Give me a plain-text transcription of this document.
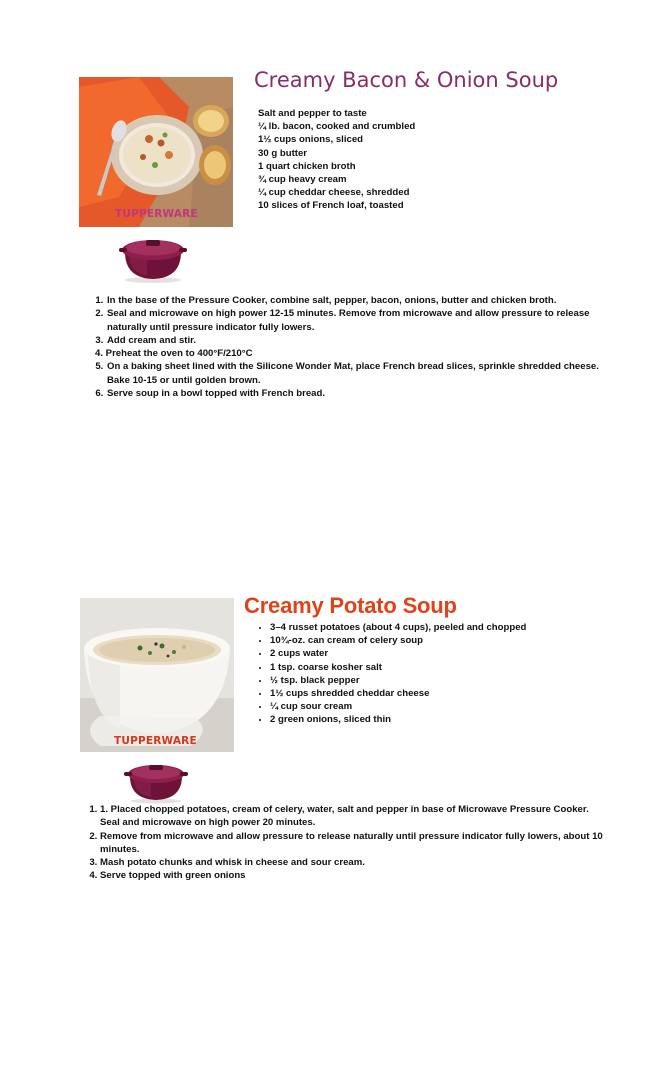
TUPPERWARE
Creamy Bacon & Onion Soup
Salt and pepper to taste
¼ lb. bacon, cooked and crumbled
1½ cups onions, sliced
30 g butter
1 quart chicken broth
¾ cup heavy cream
¼ cup cheddar cheese, shredded
10 slices of French loaf, toasted
1. In the base of the Pressure Cooker, combine salt, pepper, bacon, onions, butter and chicken broth.
2. Seal and microwave on high power 12-15 minutes. Remove from microwave and allow pressure to release naturally until pressure indicator fully lowers.
3. Add cream and stir.
4. Preheat the oven to 400°F/210°C
5. On a baking sheet lined with the Silicone Wonder Mat, place French bread slices, sprinkle shredded cheese. Bake 10-15 or until golden brown.
6. Serve soup in a bowl topped with French bread.
TUPPERWARE
Creamy Potato Soup
• 3–4 russet potatoes (about 4 cups), peeled and chopped
• 10¾-oz. can cream of celery soup
• 2 cups water
• 1 tsp. coarse kosher salt
• ½ tsp. black pepper
• 1½ cups shredded cheddar cheese
• ¼ cup sour cream
• 2 green onions, sliced thin
1. 1. Placed chopped potatoes, cream of celery, water, salt and pepper in base of Microwave Pressure Cooker. Seal and microwave on high power 20 minutes.
2. Remove from microwave and allow pressure to release naturally until pressure indicator fully lowers, about 10 minutes.
3. Mash potato chunks and whisk in cheese and sour cream.
4. Serve topped with green onions
